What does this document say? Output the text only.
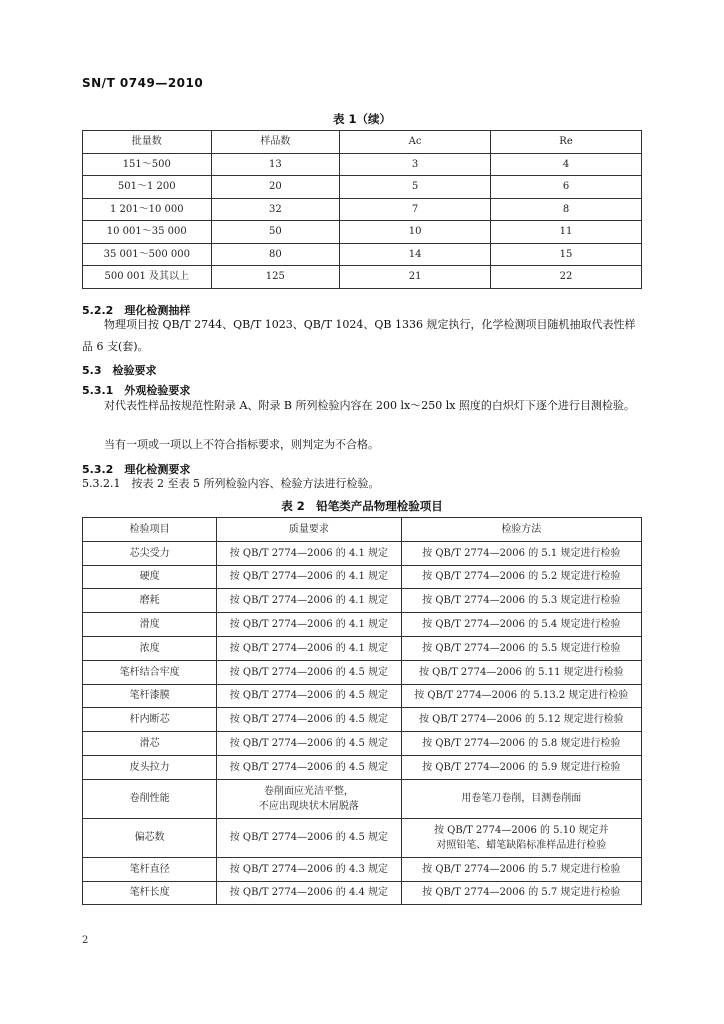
SN/T 0749—2010
表 1（续）
批量数	样品数	Ac	Re
151～500	13	3	4
501～1 200	20	5	6
1 201～10 000	32	7	8
10 001～35 000	50	10	11
35 001～500 000	80	14	15
500 001 及其以上	125	21	22
5.2.2　理化检测抽样

物理项目按 QB/T 2744、QB/T 1023、QB/T 1024、QB 1336 规定执行，化学检测项目随机抽取代表性样品 6 支(套)。

5.3　检验要求
5.3.1　外观检验要求

对代表性样品按规范性附录 A、附录 B 所列检验内容在 200 lx～250 lx 照度的白炽灯下逐个进行目测检验。

当有一项或一项以上不符合指标要求，则判定为不合格。

5.3.2　理化检测要求

5.3.2.1　按表 2 至表 5 所列检验内容、检验方法进行检验。

表 2　铅笔类产品物理检验项目
检验项目	质量要求	检验方法
芯尖受力	按 QB/T 2774—2006 的 4.1 规定	按 QB/T 2774—2006 的 5.1 规定进行检验

硬度	按 QB/T 2774—2006 的 4.1 规定	按 QB/T 2774—2006 的 5.2 规定进行检验

磨耗	按 QB/T 2774—2006 的 4.1 规定	按 QB/T 2774—2006 的 5.3 规定进行检验

滑度	按 QB/T 2774—2006 的 4.1 规定	按 QB/T 2774—2006 的 5.4 规定进行检验

浓度	按 QB/T 2774—2006 的 4.1 规定	按 QB/T 2774—2006 的 5.5 规定进行检验

笔杆结合牢度	按 QB/T 2774—2006 的 4.5 规定	按 QB/T 2774—2006 的 5.11 规定进行检验

笔杆漆膜	按 QB/T 2774—2006 的 4.5 规定	按 QB/T 2774—2006 的 5.13.2 规定进行检验

杆内断芯	按 QB/T 2774—2006 的 4.5 规定	按 QB/T 2774—2006 的 5.12 规定进行检验

滑芯	按 QB/T 2774—2006 的 4.5 规定	按 QB/T 2774—2006 的 5.8 规定进行检验

皮头拉力	按 QB/T 2774—2006 的 4.5 规定	按 QB/T 2774—2006 的 5.9 规定进行检验

卷削性能	卷削面应光洁平整，
不应出现块状木屑脱落	用卷笔刀卷削，目测卷削面

偏芯数	按 QB/T 2774—2006 的 4.5 规定	按 QB/T 2774—2006 的 5.10 规定并
对照铅笔、蜡笔缺陷标准样品进行检验

笔杆直径	按 QB/T 2774—2006 的 4.3 规定	按 QB/T 2774—2006 的 5.7 规定进行检验

笔杆长度	按 QB/T 2774—2006 的 4.4 规定	按 QB/T 2774—2006 的 5.7 规定进行检验
2
